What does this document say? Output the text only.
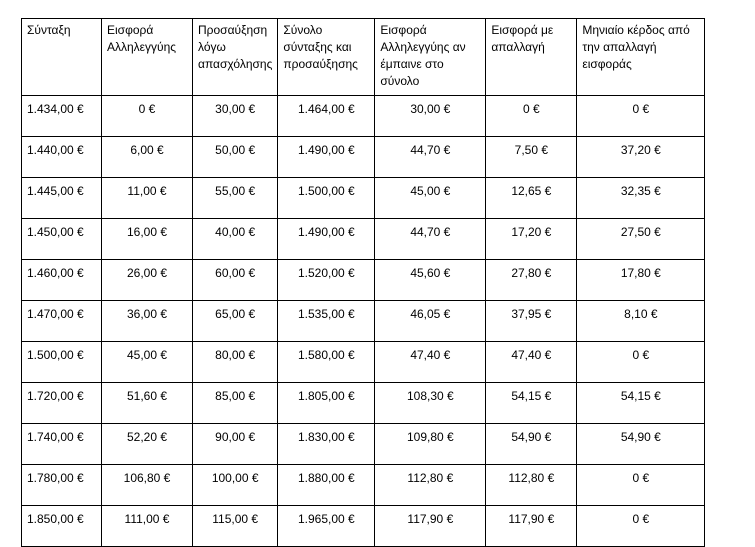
Σύνταξη	Εισφορά Αλληλεγγύης	Προσαύξηση λόγω απασχόλησης	Σύνολο σύνταξης και προσαύξησης	Εισφορά Αλληλεγγύης αν έμπαινε στο σύνολο	Εισφορά με απαλλαγή	Μηνιαίο κέρδος από την απαλλαγή εισφοράς
1.434,00 €	0 €	30,00 €	1.464,00 €	30,00 €	0 €	0 €
1.440,00 €	6,00 €	50,00 €	1.490,00 €	44,70 €	7,50 €	37,20 €
1.445,00 €	11,00 €	55,00 €	1.500,00 €	45,00 €	12,65 €	32,35 €
1.450,00 €	16,00 €	40,00 €	1.490,00 €	44,70 €	17,20 €	27,50 €
1.460,00 €	26,00 €	60,00 €	1.520,00 €	45,60 €	27,80 €	17,80 €
1.470,00 €	36,00 €	65,00 €	1.535,00 €	46,05 €	37,95 €	8,10 €
1.500,00 €	45,00 €	80,00 €	1.580,00 €	47,40 €	47,40 €	0 €
1.720,00 €	51,60 €	85,00 €	1.805,00 €	108,30 €	54,15 €	54,15 €
1.740,00 €	52,20 €	90,00 €	1.830,00 €	109,80 €	54,90 €	54,90 €
1.780,00 €	106,80 €	100,00 €	1.880,00 €	112,80 €	112,80 €	0 €
1.850,00 €	111,00 €	115,00 €	1.965,00 €	117,90 €	117,90 €	0 €
